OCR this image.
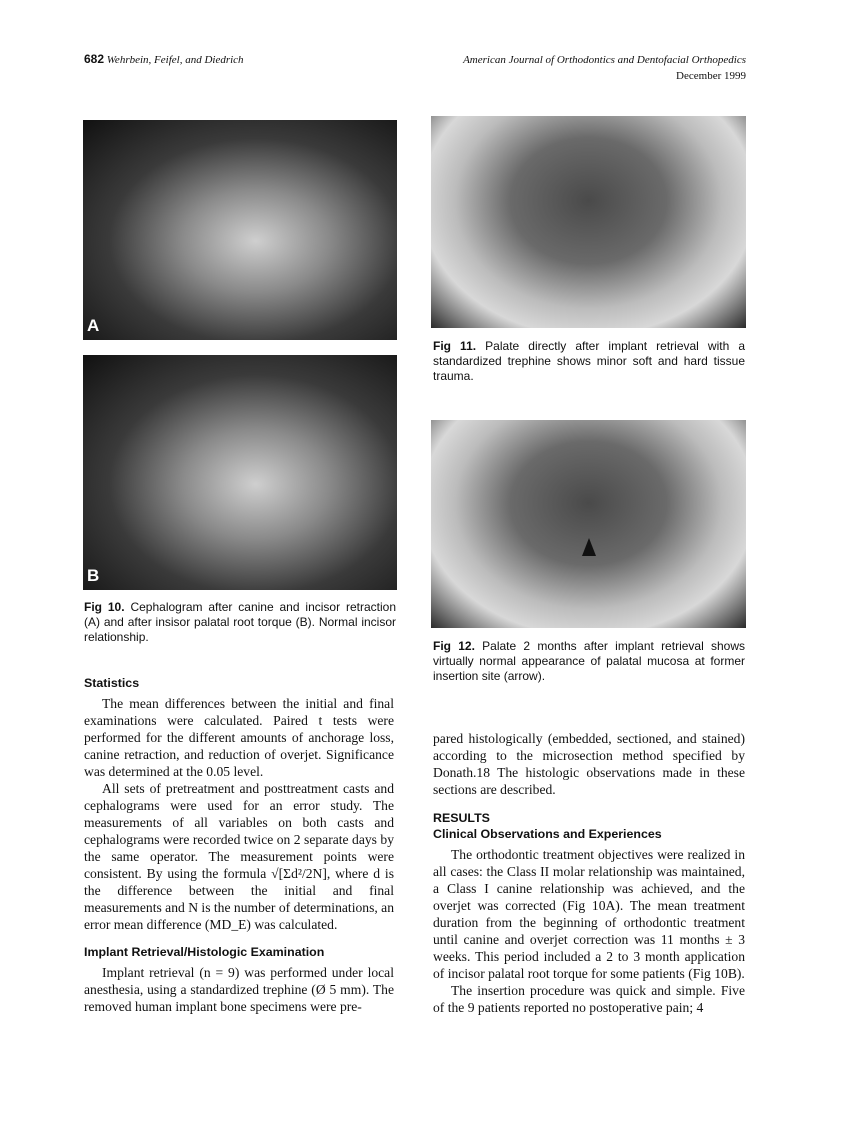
682 Wehrbein, Feifel, and Diedrich	American Journal of Orthodontics and Dentofacial Orthopedics
December 1999
A
B
Fig 10. Cephalogram after canine and incisor retraction (A) and after insisor palatal root torque (B). Normal incisor relationship.
Fig 11. Palate directly after implant retrieval with a standardized trephine shows minor soft and hard tissue trauma.
Fig 12. Palate 2 months after implant retrieval shows virtually normal appearance of palatal mucosa at former insertion site (arrow).
Statistics

The mean differences between the initial and final examinations were calculated. Paired t tests were performed for the different amounts of anchorage loss, canine retraction, and reduction of overjet. Significance was determined at the 0.05 level.

All sets of pretreatment and posttreatment casts and cephalograms were used for an error study. The measurements of all variables on both casts and cephalograms were recorded twice on 2 separate days by the same operator. The measurement points were consistent. By using the formula √[Σd²/2N], where d is the difference between the initial and final measurements and N is the number of determinations, an error mean difference (MD_E) was calculated.

Implant Retrieval/Histologic Examination

Implant retrieval (n = 9) was performed under local anesthesia, using a standardized trephine (Ø 5 mm). The removed human implant bone specimens were pre-

pared histologically (embedded, sectioned, and stained) according to the microsection method specified by Donath.18 The histologic observations made in these sections are described.

RESULTS
Clinical Observations and Experiences

The orthodontic treatment objectives were realized in all cases: the Class II molar relationship was maintained, a Class I canine relationship was achieved, and the overjet was corrected (Fig 10A). The mean treatment duration from the beginning of orthodontic treatment until canine and overjet correction was 11 months ± 3 weeks. This period included a 2 to 3 month application of incisor palatal root torque for some patients (Fig 10B).

The insertion procedure was quick and simple. Five of the 9 patients reported no postoperative pain; 4
